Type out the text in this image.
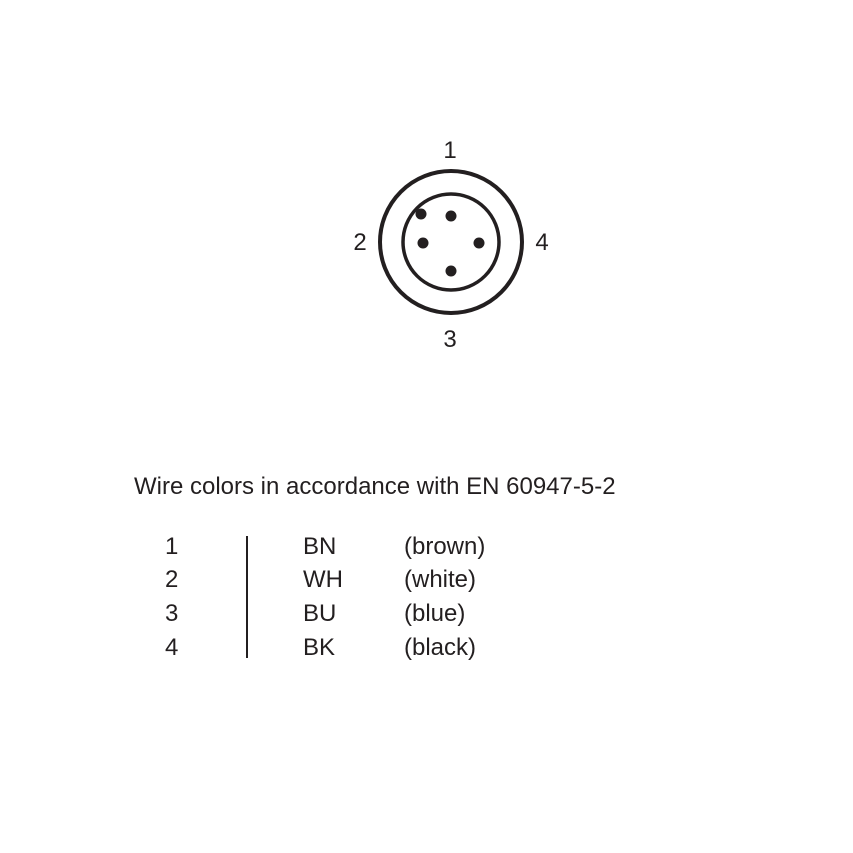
1
2
3
4
Wire colors in accordance with EN 60947-5-2
1	BN	(brown)
2	WH	(white)
3	BU	(blue)
4	BK	(black)
